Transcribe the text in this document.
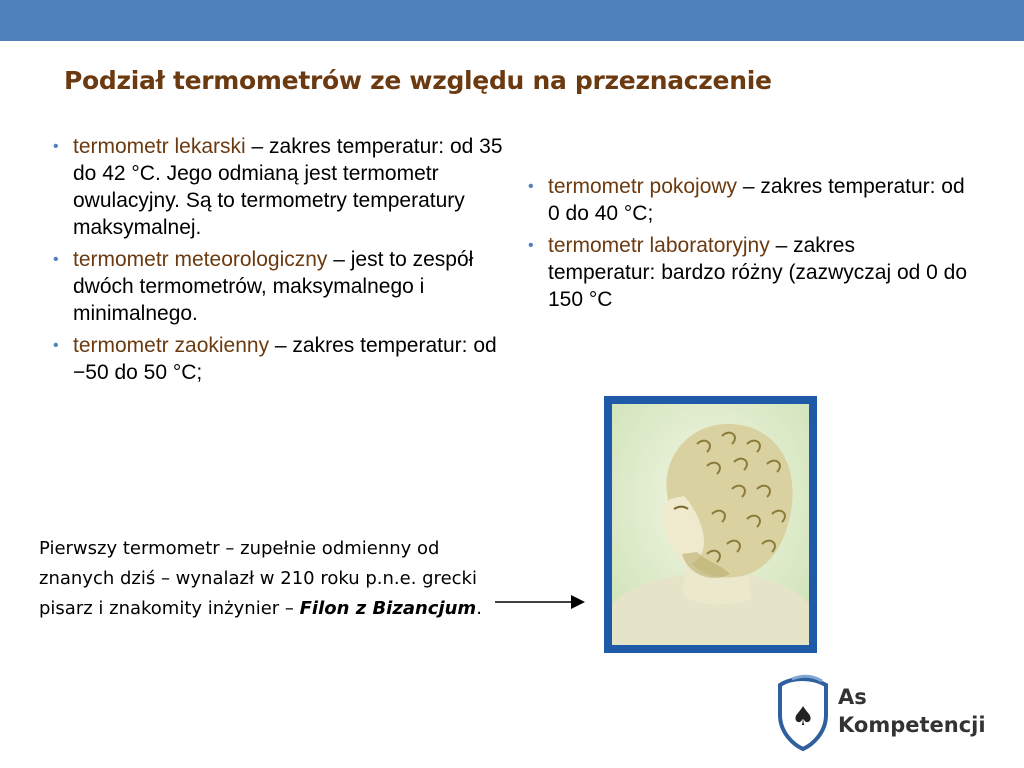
Podział termometrów ze względu na przeznaczenie
• termometr lekarski – zakres temperatur: od 35 do 42 °C. Jego odmianą jest termometr owulacyjny. Są to termometry temperatury maksymalnej.
• termometr meteorologiczny – jest to zespół dwóch termometrów, maksymalnego i minimalnego.
• termometr zaokienny – zakres temperatur: od −50 do 50 °C;
• termometr pokojowy – zakres temperatur: od 0 do 40 °C;
• termometr laboratoryjny – zakres temperatur: bardzo różny (zazwyczaj od 0 do 150 °C
Pierwszy termometr – zupełnie odmienny od znanych dziś – wynalazł w 210 roku p.n.e. grecki pisarz i znakomity inżynier – Filon z Bizancjum.
♠
As
Kompetencji
